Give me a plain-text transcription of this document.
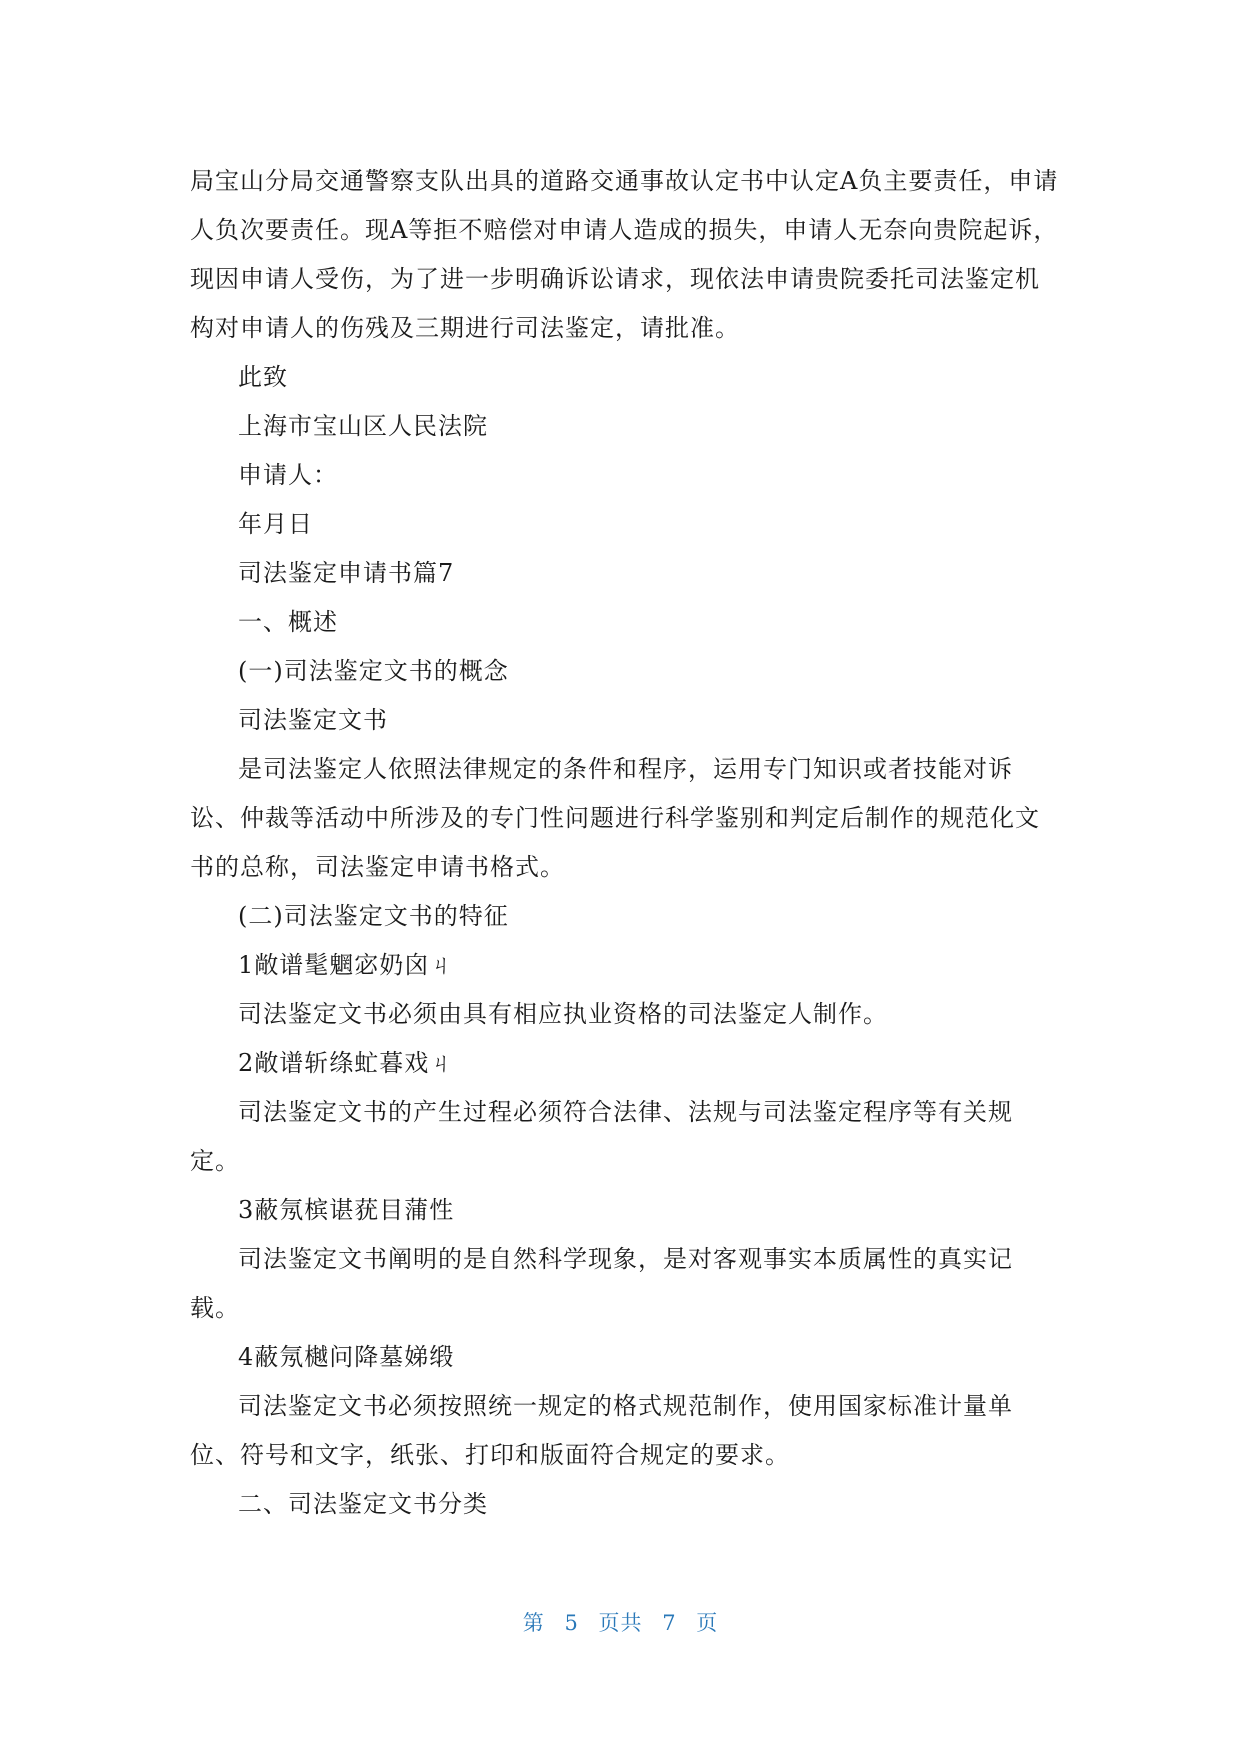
局宝山分局交通警察支队出具的道路交通事故认定书中认定A负主要责任，申请人负次要责任。现A等拒不赔偿对申请人造成的损失，申请人无奈向贵院起诉，现因申请人受伤，为了进一步明确诉讼请求，现依法申请贵院委托司法鉴定机构对申请人的伤残及三期进行司法鉴定，请批准。

此致

上海市宝山区人民法院

申请人：

年月日

司法鉴定申请书篇7

一、概述

(一)司法鉴定文书的概念

司法鉴定文书

是司法鉴定人依照法律规定的条件和程序，运用专门知识或者技能对诉讼、仲裁等活动中所涉及的专门性问题进行科学鉴别和判定后制作的规范化文书的总称，司法鉴定申请书格式。

(二)司法鉴定文书的特征

1敞谱髦魍宓奶囟ㄐ

司法鉴定文书必须由具有相应执业资格的司法鉴定人制作。

2敞谱斩绦虻暮戏ㄐ

司法鉴定文书的产生过程必须符合法律、法规与司法鉴定程序等有关规定。

3蔽氖槟谌莸目蒲性

司法鉴定文书阐明的是自然科学现象，是对客观事实本质属性的真实记载。

4蔽氖樾问降墓娣缎

司法鉴定文书必须按照统一规定的格式规范制作，使用国家标准计量单位、符号和文字，纸张、打印和版面符合规定的要求。

二、司法鉴定文书分类

第 5 页共 7 页
